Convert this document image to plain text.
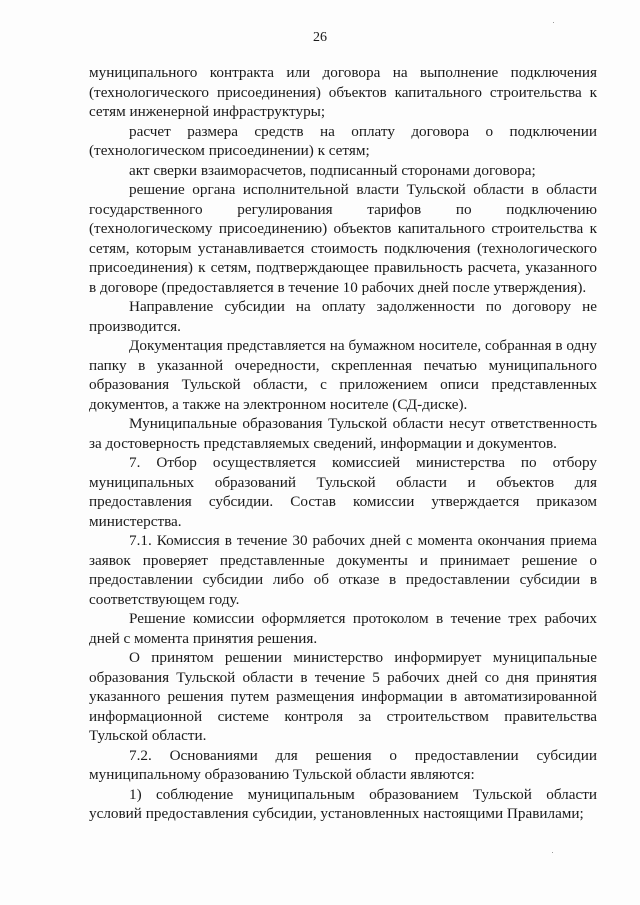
26

муниципального контракта или договора на выполнение подключения (технологического присоединения) объектов капитального строительства к сетям инженерной инфраструктуры;

расчет размера средств на оплату договора о подключении (технологическом присоединении) к сетям;

акт сверки взаиморасчетов, подписанный сторонами договора;

решение органа исполнительной власти Тульской области в области государственного регулирования тарифов по подключению (технологическому присоединению) объектов капитального строительства к сетям, которым устанавливается стоимость подключения (технологического присоединения) к сетям, подтверждающее правильность расчета, указанного в договоре (предоставляется в течение 10 рабочих дней после утверждения).

Направление субсидии на оплату задолженности по договору не производится.

Документация представляется на бумажном носителе, собранная в одну папку в указанной очередности, скрепленная печатью муниципального образования Тульской области, с приложением описи представленных документов, а также на электронном носителе (СД-диске).

Муниципальные образования Тульской области несут ответственность за достоверность представляемых сведений, информации и документов.

7. Отбор осуществляется комиссией министерства по отбору муниципальных образований Тульской области и объектов для предоставления субсидии. Состав комиссии утверждается приказом министерства.

7.1. Комиссия в течение 30 рабочих дней с момента окончания приема заявок проверяет представленные документы и принимает решение о предоставлении субсидии либо об отказе в предоставлении субсидии в соответствующем году.

Решение комиссии оформляется протоколом в течение трех рабочих дней с момента принятия решения.

О принятом решении министерство информирует муниципальные образования Тульской области в течение 5 рабочих дней со дня принятия указанного решения путем размещения информации в автоматизированной информационной системе контроля за строительством правительства Тульской области.

7.2. Основаниями для решения о предоставлении субсидии муниципальному образованию Тульской области являются:

1) соблюдение муниципальным образованием Тульской области условий предоставления субсидии, установленных настоящими Правилами;
